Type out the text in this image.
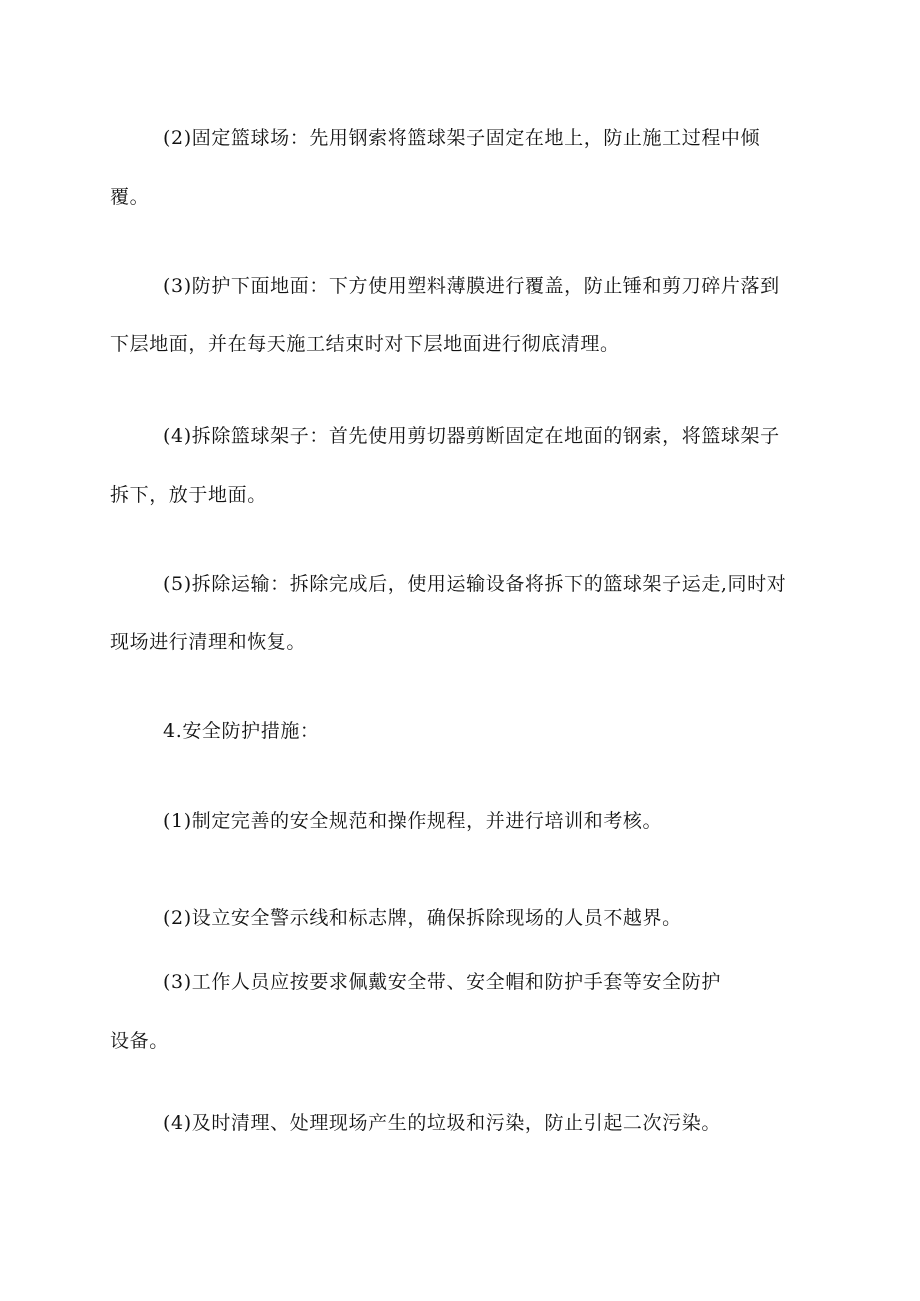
(2)固定篮球场：先用钢索将篮球架子固定在地上，防止施工过程中倾
覆。
(3)防护下面地面：下方使用塑料薄膜进行覆盖，防止锤和剪刀碎片落到
下层地面，并在每天施工结束时对下层地面进行彻底清理。
(4)拆除篮球架子：首先使用剪切器剪断固定在地面的钢索，将篮球架子
拆下，放于地面。
(5)拆除运输：拆除完成后，使用运输设备将拆下的篮球架子运走,同时对
现场进行清理和恢复。
4.安全防护措施：
(1)制定完善的安全规范和操作规程，并进行培训和考核。
(2)设立安全警示线和标志牌，确保拆除现场的人员不越界。
(3)工作人员应按要求佩戴安全带、安全帽和防护手套等安全防护
设备。
(4)及时清理、处理现场产生的垃圾和污染，防止引起二次污染。
